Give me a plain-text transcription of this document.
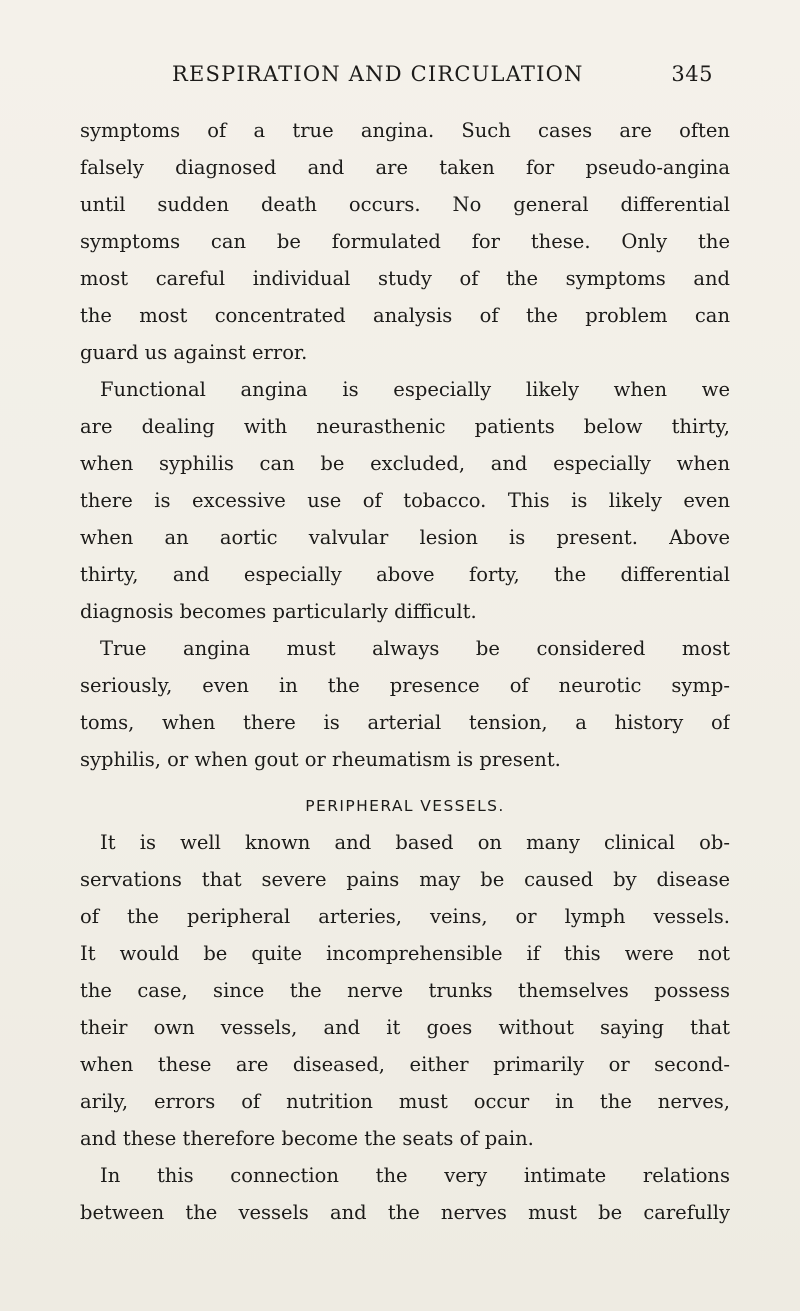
RESPIRATION AND CIRCULATION	345
symptoms of a true angina. Such cases are often
falsely diagnosed and are taken for pseudo-angina
until sudden death occurs. No general differential
symptoms can be formulated for these. Only the
most careful individual study of the symptoms and
the most concentrated analysis of the problem can
guard us against error.
Functional angina is especially likely when we
are dealing with neurasthenic patients below thirty,
when syphilis can be excluded, and especially when
there is excessive use of tobacco. This is likely even
when an aortic valvular lesion is present. Above
thirty, and especially above forty, the differential
diagnosis becomes particularly difficult.
True angina must always be considered most
seriously, even in the presence of neurotic symp-
toms, when there is arterial tension, a history of
syphilis, or when gout or rheumatism is present.
PERIPHERAL VESSELS.
It is well known and based on many clinical ob-
servations that severe pains may be caused by disease
of the peripheral arteries, veins, or lymph vessels.
It would be quite incomprehensible if this were not
the case, since the nerve trunks themselves possess
their own vessels, and it goes without saying that
when these are diseased, either primarily or second-
arily, errors of nutrition must occur in the nerves,
and these therefore become the seats of pain.
In this connection the very intimate relations
between the vessels and the nerves must be carefully
